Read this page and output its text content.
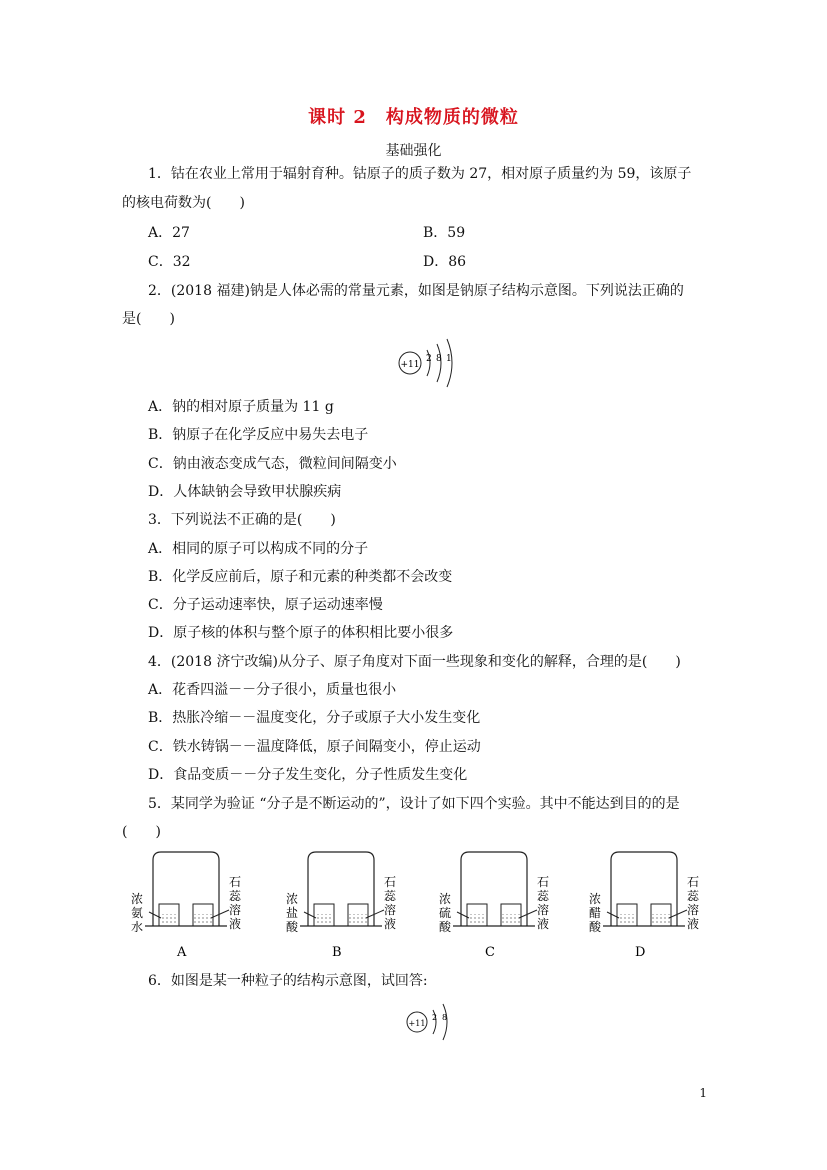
课时 2　构成物质的微粒
基础强化
1．钴在农业上常用于辐射育种。钴原子的质子数为 27，相对原子质量约为 59，该原子
的核电荷数为(　　)
A．27	B．59
C．32	D．86
2．(2018 福建)钠是人体必需的常量元素，如图是钠原子结构示意图。下列说法正确的
是(　　)
+11
2 8 1
A．钠的相对原子质量为 11 g
B．钠原子在化学反应中易失去电子
C．钠由液态变成气态，微粒间间隔变小
D．人体缺钠会导致甲状腺疾病
3．下列说法不正确的是(　　)
A．相同的原子可以构成不同的分子
B．化学反应前后，原子和元素的种类都不会改变
C．分子运动速率快，原子运动速率慢
D．原子核的体积与整个原子的体积相比要小很多
4．(2018 济宁改编)从分子、原子角度对下面一些现象和变化的解释，合理的是(　　)
A．花香四溢－－分子很小，质量也很小
B．热胀冷缩－－温度变化，分子或原子大小发生变化
C．铁水铸锅－－温度降低，原子间隔变小，停止运动
D．食品变质－－分子发生变化，分子性质发生变化
5．某同学为验证 “分子是不断运动的”，设计了如下四个实验。其中不能达到目的的是
(　　)
浓
氨
水
石
蕊
溶
液
A
浓
盐
酸
石
蕊
溶
液
B
浓
硫
酸
石
蕊
溶
液
C
浓
醋
酸
石
蕊
溶
液
D
6．如图是某一种粒子的结构示意图，试回答:
+11
2 8
1
